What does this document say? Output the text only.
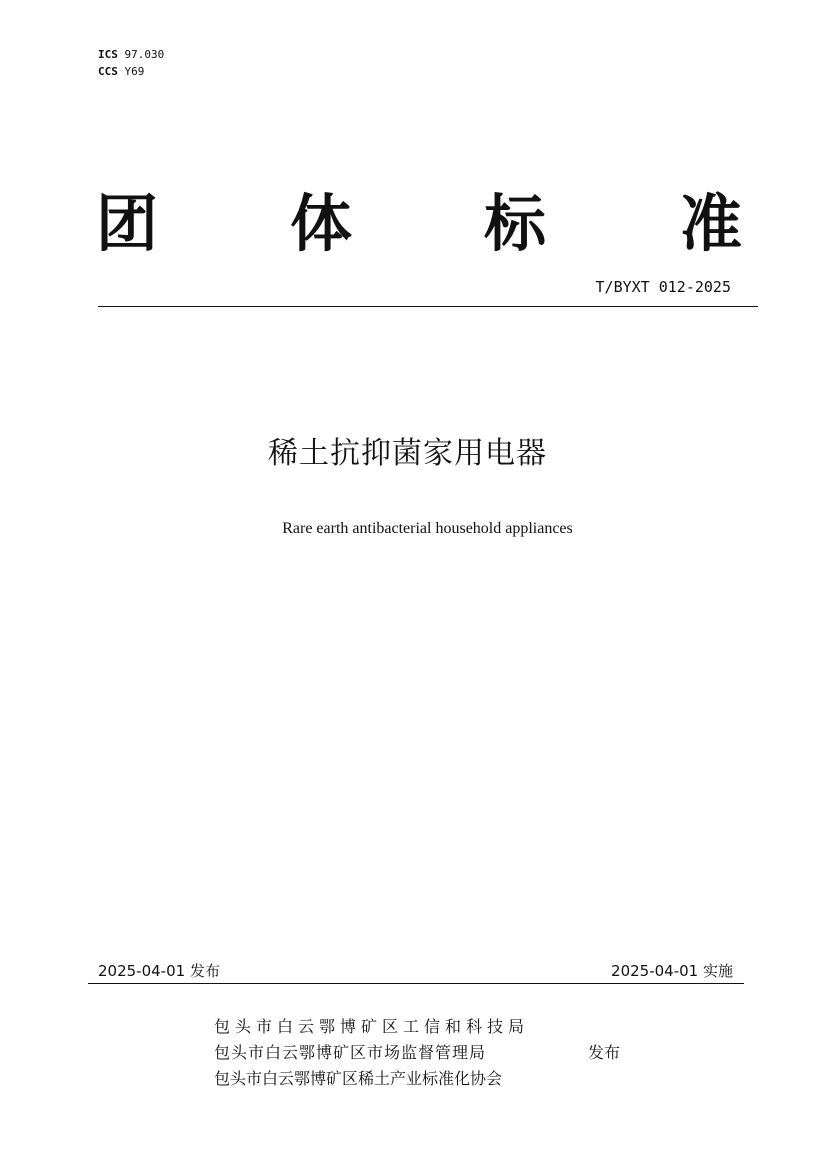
ICS 97.030
CCS Y69
团 体 标 准
T/BYXT 012-2025
稀土抗抑菌家用电器
Rare earth antibacterial household appliances
2025-04-01 发布	2025-04-01 实施
包头市白云鄂博矿区工信和科技局
包头市白云鄂博矿区市场监督管理局
包头市白云鄂博矿区稀土产业标准化协会
发布
